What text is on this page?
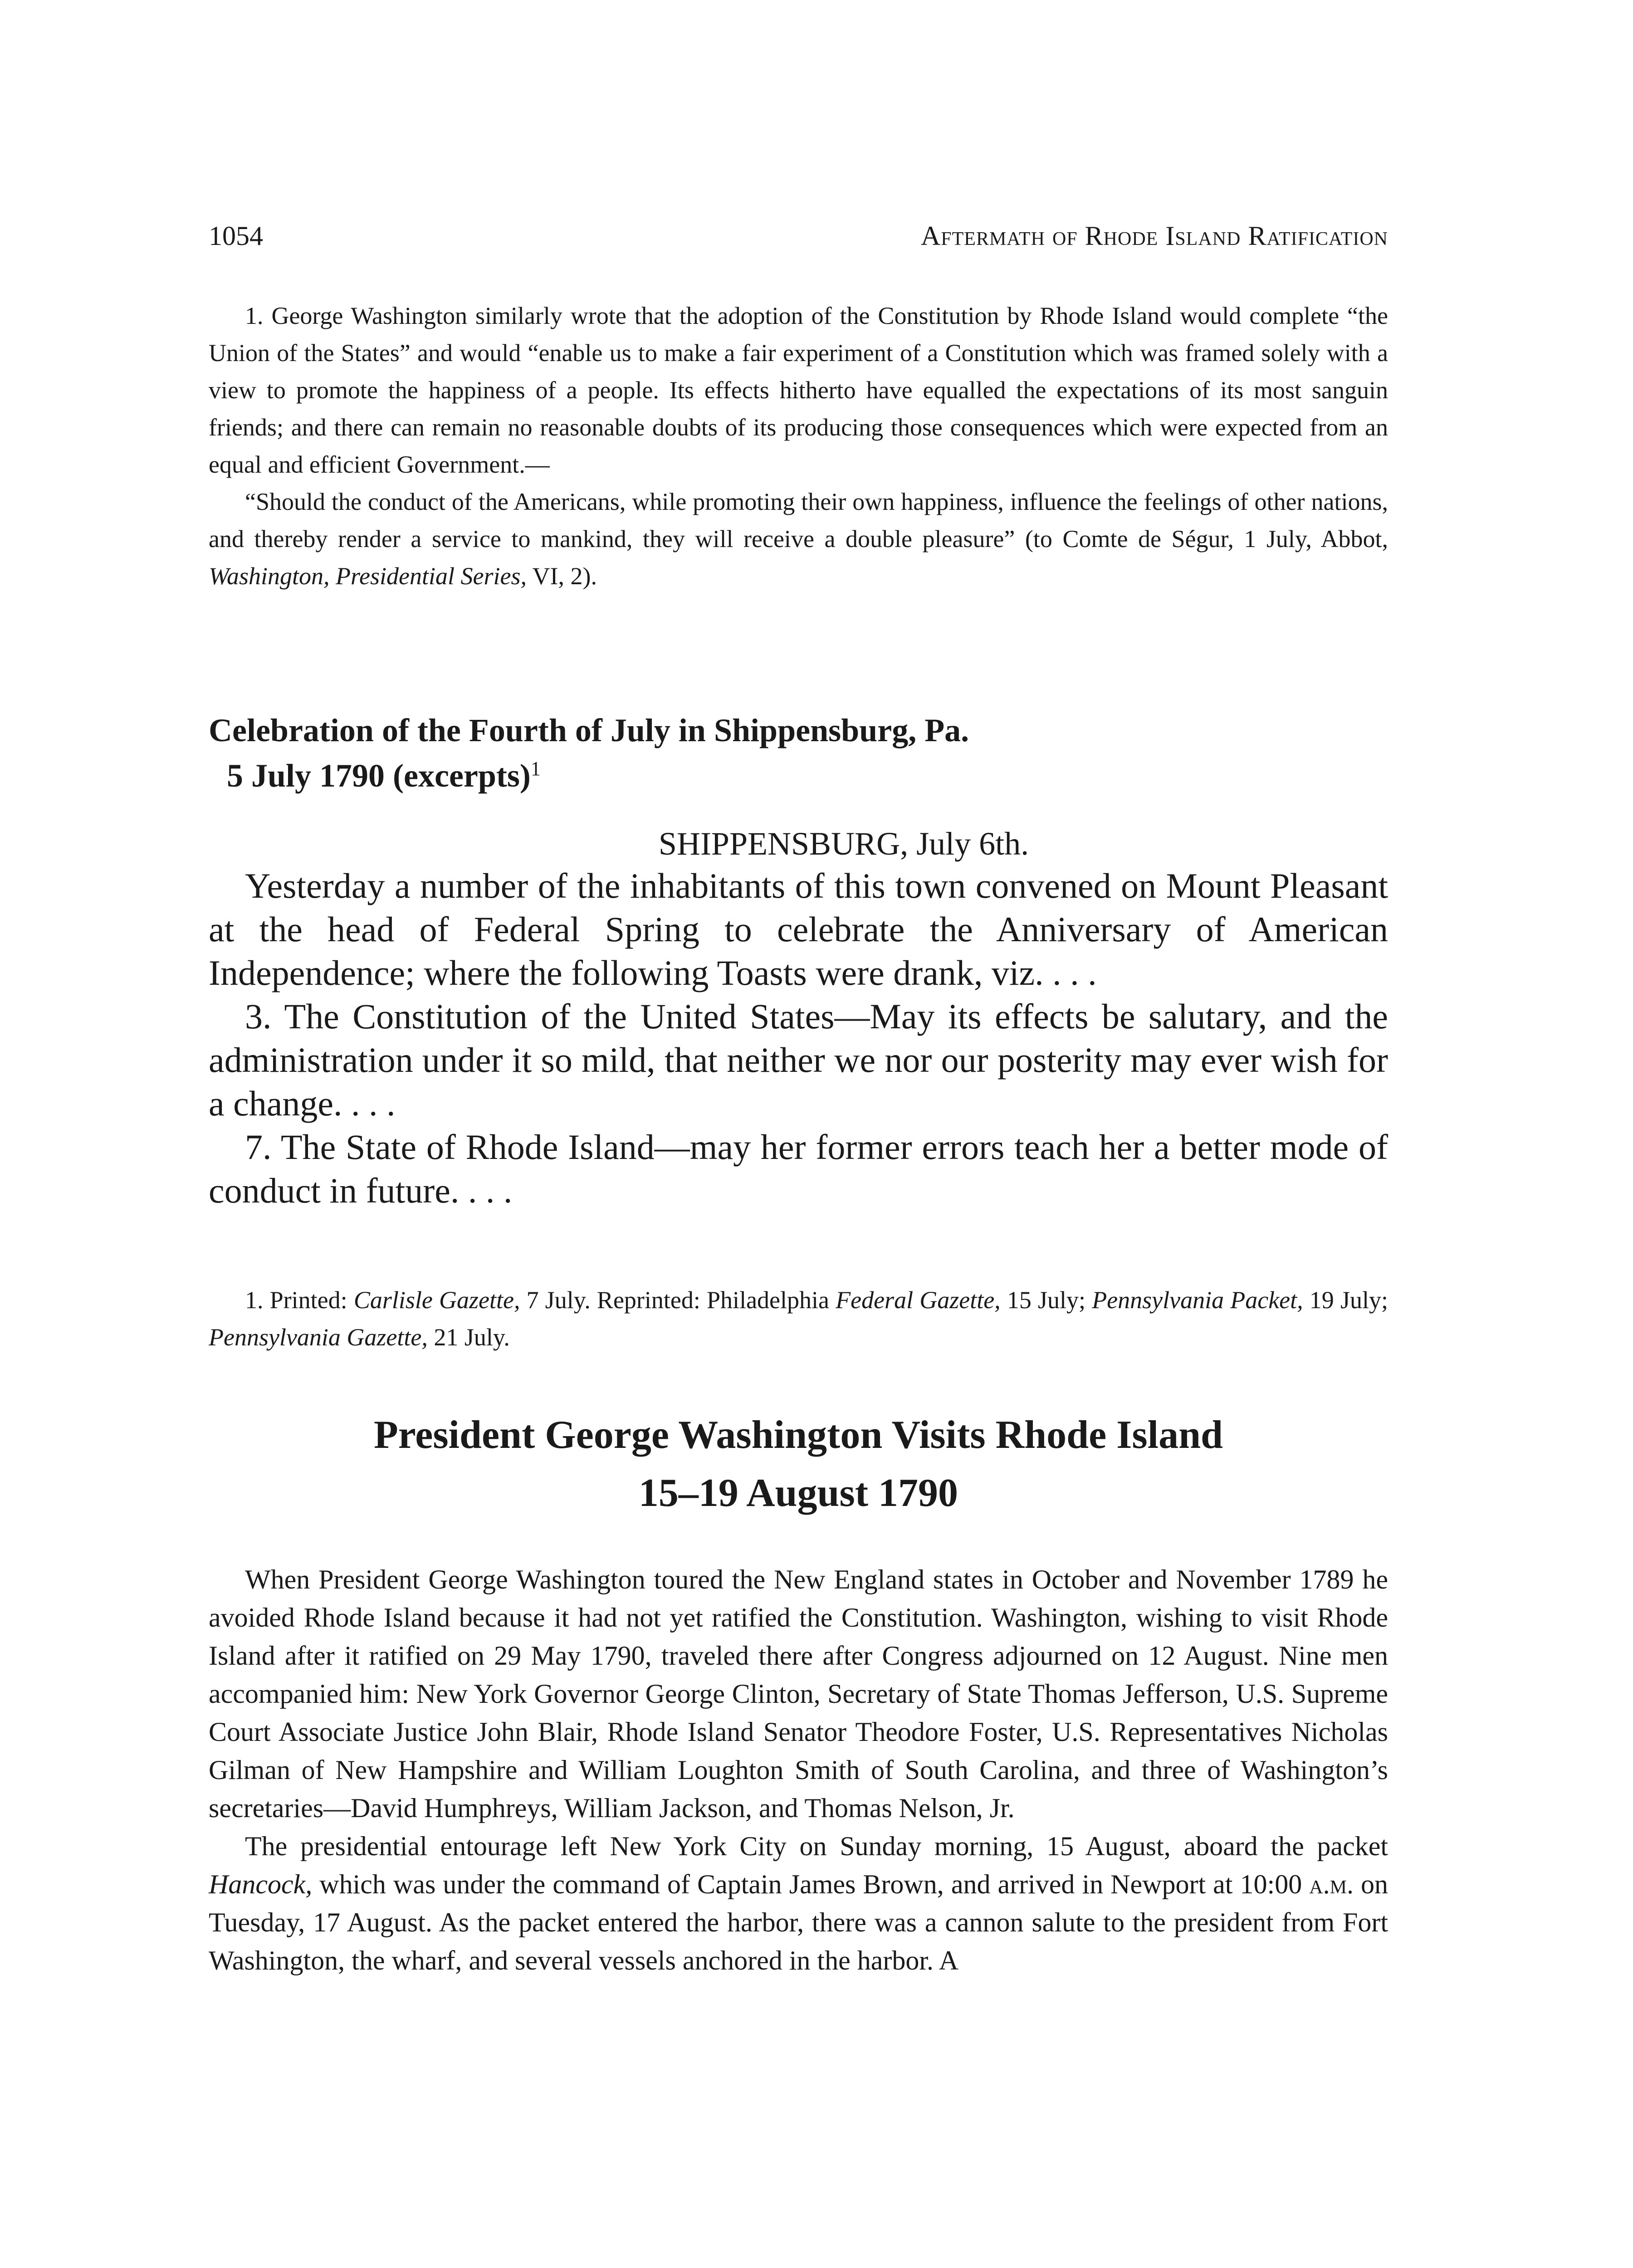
1054	Aftermath of Rhode Island Ratification

1. George Washington similarly wrote that the adoption of the Constitution by Rhode Island would complete “the Union of the States” and would “enable us to make a fair experiment of a Constitution which was framed solely with a view to promote the happiness of a people. Its effects hitherto have equalled the expectations of its most sanguin friends; and there can remain no reasonable doubts of its producing those consequences which were expected from an equal and efficient Government.—

“Should the conduct of the Americans, while promoting their own happiness, influence the feelings of other nations, and thereby render a service to mankind, they will receive a double pleasure” (to Comte de Ségur, 1 July, Abbot, Washington, Presidential Series, VI, 2).

Celebration of the Fourth of July in Shippensburg, Pa.
5 July 1790 (excerpts)$^1$
SHIPPENSBURG, July 6th.

Yesterday a number of the inhabitants of this town convened on Mount Pleasant at the head of Federal Spring to celebrate the Anniversary of American Independence; where the following Toasts were drank, viz. . . .

3. The Constitution of the United States—May its effects be salutary, and the administration under it so mild, that neither we nor our posterity may ever wish for a change. . . .

7. The State of Rhode Island—may her former errors teach her a better mode of conduct in future. . . .

1. Printed: Carlisle Gazette, 7 July. Reprinted: Philadelphia Federal Gazette, 15 July; Pennsylvania Packet, 19 July; Pennsylvania Gazette, 21 July.

President George Washington Visits Rhode Island
15–19 August 1790

When President George Washington toured the New England states in October and November 1789 he avoided Rhode Island because it had not yet ratified the Constitution. Washington, wishing to visit Rhode Island after it ratified on 29 May 1790, traveled there after Congress adjourned on 12 August. Nine men accompanied him: New York Governor George Clinton, Secretary of State Thomas Jefferson, U.S. Supreme Court Associate Justice John Blair, Rhode Island Senator Theodore Foster, U.S. Representatives Nicholas Gilman of New Hampshire and William Loughton Smith of South Carolina, and three of Washington’s secretaries—David Humphreys, William Jackson, and Thomas Nelson, Jr.

The presidential entourage left New York City on Sunday morning, 15 August, aboard the packet Hancock, which was under the command of Captain James Brown, and arrived in Newport at 10:00 a.m. on Tuesday, 17 August. As the packet entered the harbor, there was a cannon salute to the president from Fort Washington, the wharf, and several vessels anchored in the harbor. A
